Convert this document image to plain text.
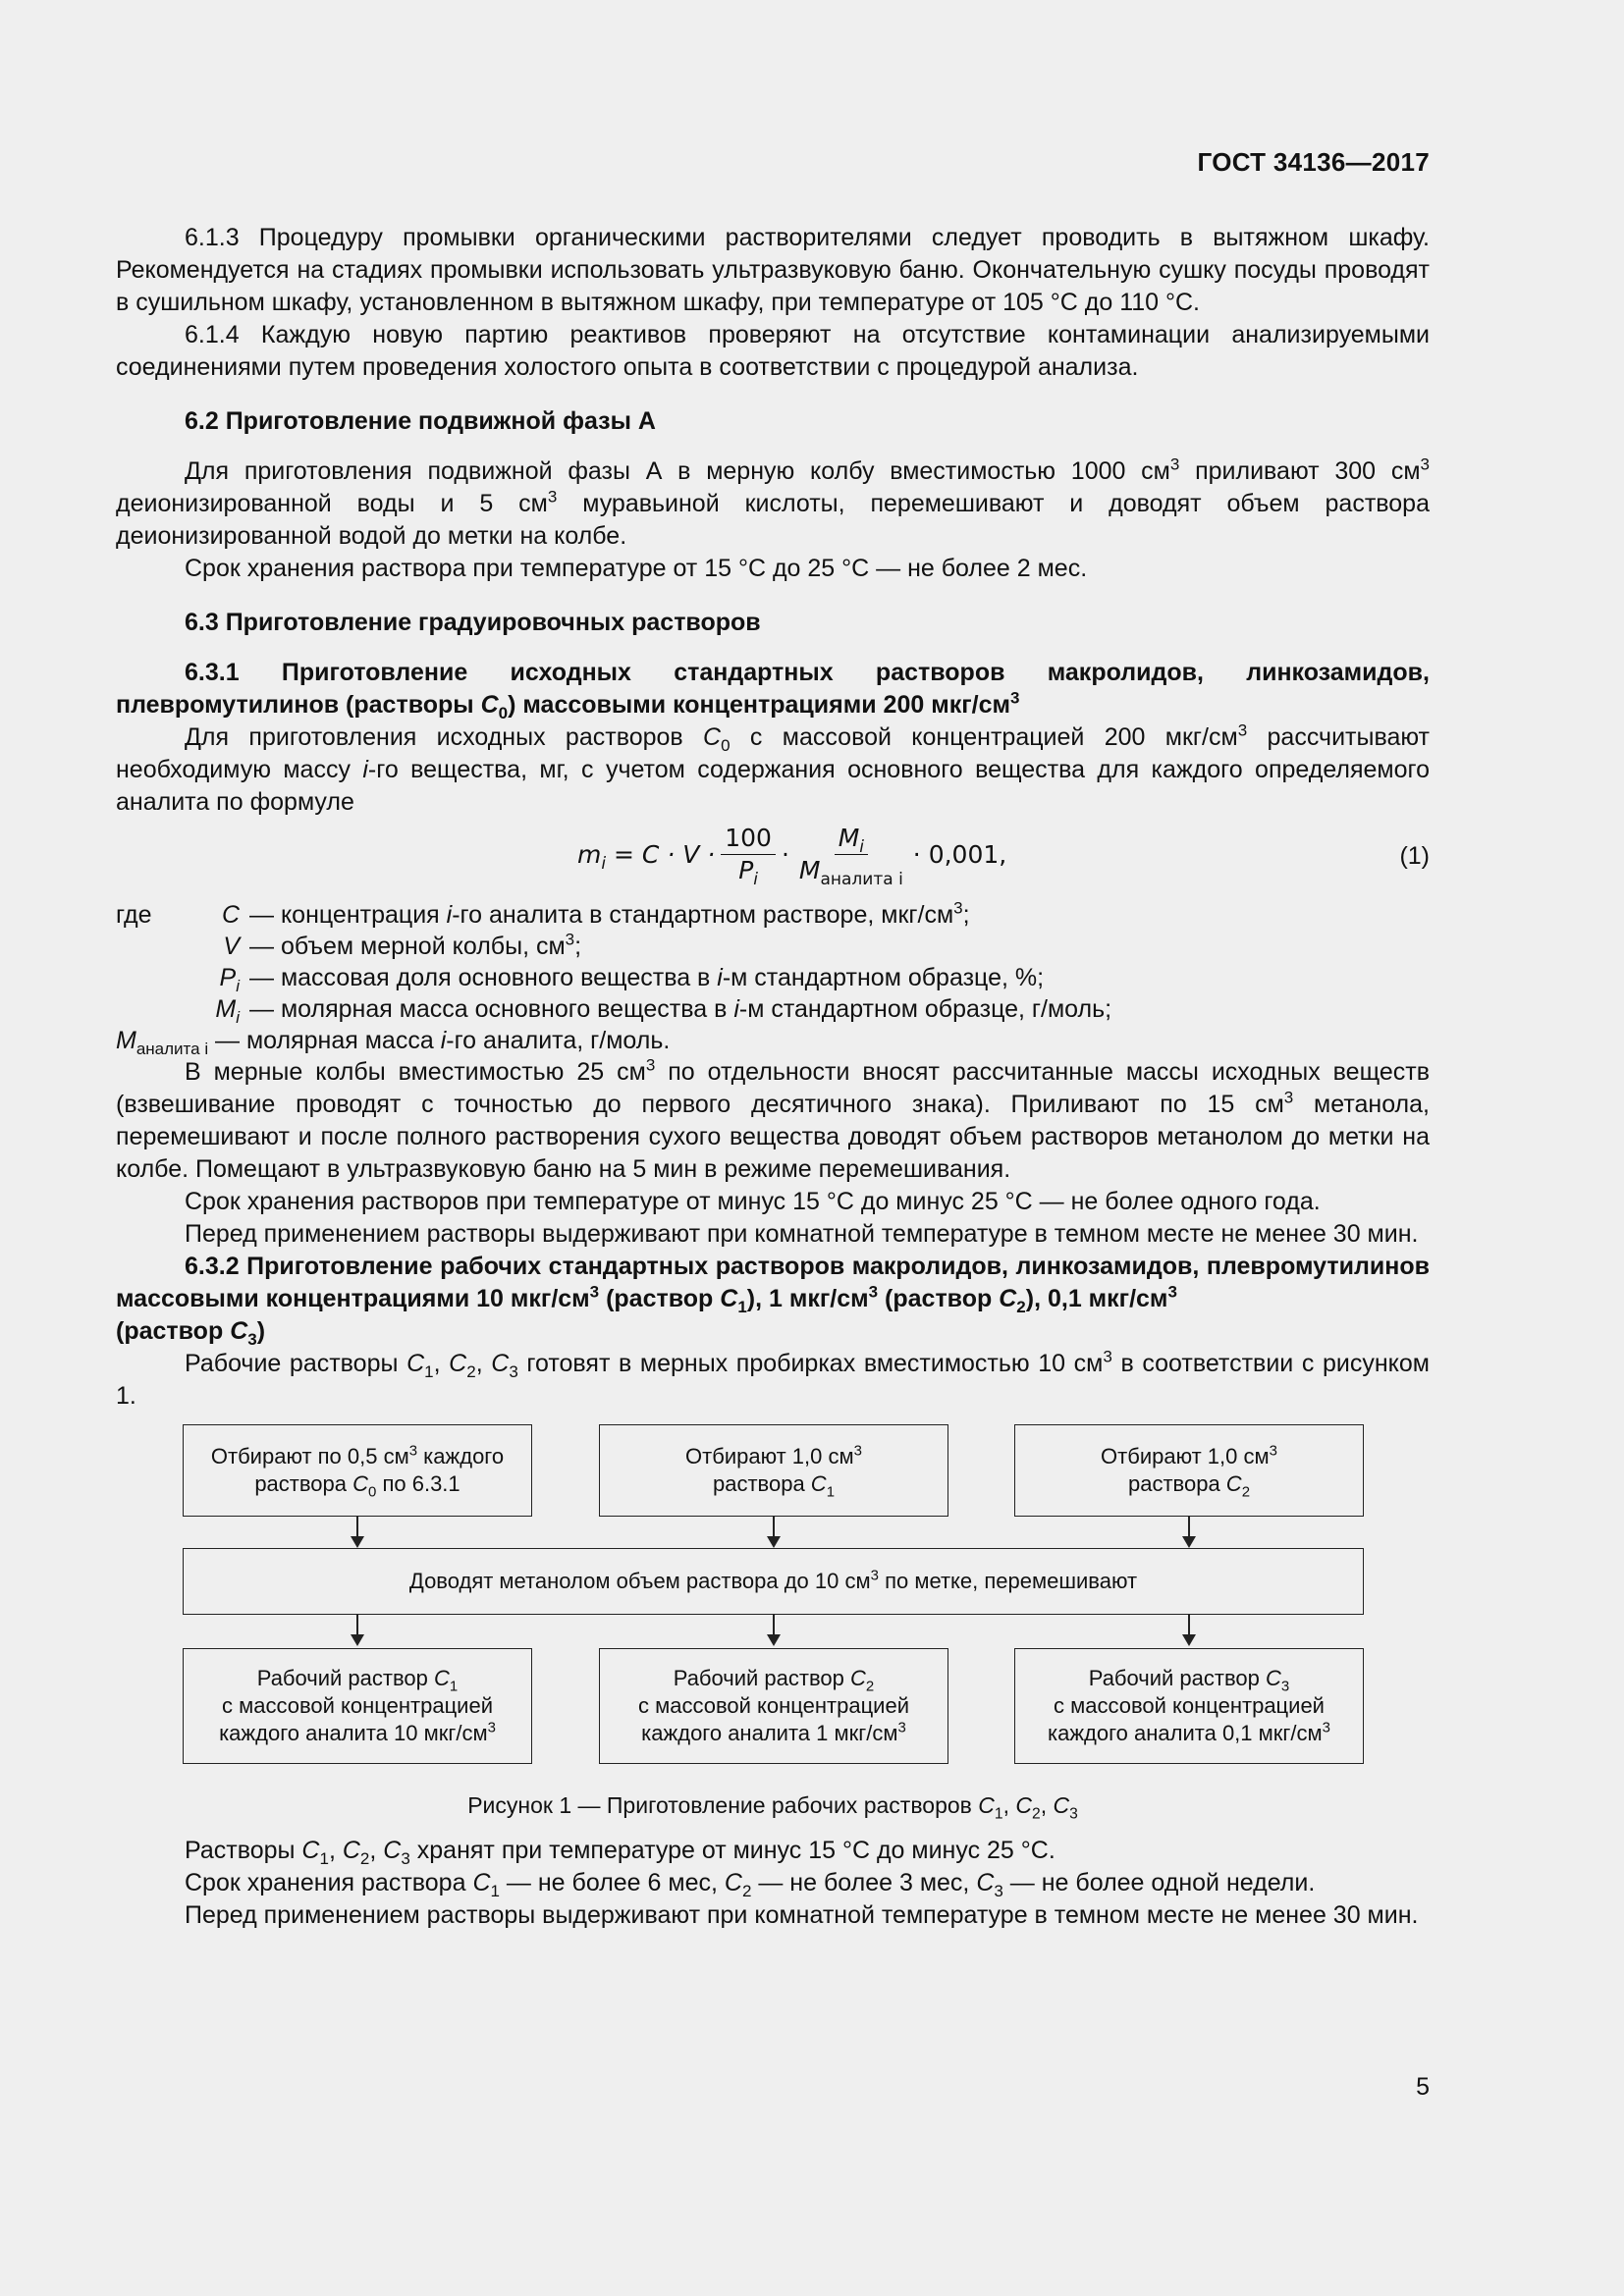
ГОСТ 34136—2017

6.1.3 Процедуру промывки органическими растворителями следует проводить в вытяжном шкафу. Рекомендуется на стадиях промывки использовать ультразвуковую баню. Окончательную сушку посуды проводят в сушильном шкафу, установленном в вытяжном шкафу, при температуре от 105 °С до 110 °С.

6.1.4 Каждую новую партию реактивов проверяют на отсутствие контаминации анализируемыми соединениями путем проведения холостого опыта в соответствии с процедурой анализа.

6.2 Приготовление подвижной фазы А

Для приготовления подвижной фазы А в мерную колбу вместимостью 1000 $см^3$ приливают 300 $см^3$ деионизированной воды и 5 $см^3$ муравьиной кислоты, перемешивают и доводят объем раствора деионизированной водой до метки на колбе.

Срок хранения раствора при температуре от 15 °С до 25 °С — не более 2 мес.

6.3 Приготовление градуировочных растворов

6.3.1 Приготовление исходных стандартных растворов макролидов, линкозамидов, плевромутилинов (растворы $C_0$) массовыми концентрациями 200 мкг/$см^3$

Для приготовления исходных растворов $C_0$ с массовой концентрацией 200 мкг/$см^3$ рассчитывают необходимую массу i-го вещества, мг, с учетом содержания основного вещества для каждого определяемого аналита по формуле

$m_i = C \cdot V \cdot \frac{100}{P_i} \cdot \frac{M_i}{M_{аналита i}} \cdot 0,001$,	(1)
где	C — концентрация i-го аналита в стандартном растворе, мкг/$см^3$;
V — объем мерной колбы, $см^3$;
$P_i$ — массовая доля основного вещества в i-м стандартном образце, %;
$M_i$ — молярная масса основного вещества в i-м стандартном образце, г/моль;
$M_{аналита i}$ — молярная масса i-го аналита, г/моль.

В мерные колбы вместимостью 25 $см^3$ по отдельности вносят рассчитанные массы исходных веществ (взвешивание проводят с точностью до первого десятичного знака). Приливают по 15 $см^3$ метанола, перемешивают и после полного растворения сухого вещества доводят объем растворов метанолом до метки на колбе. Помещают в ультразвуковую баню на 5 мин в режиме перемешивания.

Срок хранения растворов при температуре от минус 15 °С до минус 25 °С — не более одного года.

Перед применением растворы выдерживают при комнатной температуре в темном месте не менее 30 мин.

6.3.2 Приготовление рабочих стандартных растворов макролидов, линкозамидов, плевромутилинов массовыми концентрациями 10 мкг/$см^3$ (раствор $C_1$), 1 мкг/$см^3$ (раствор $C_2$), 0,1 мкг/$см^3$
(раствор $C_3$)

Рабочие растворы $C_1$, $C_2$, $C_3$ готовят в мерных пробирках вместимостью 10 $см^3$ в соответствии с рисунком 1.

Отбирают по 0,5 $см^3$ каждого
раствора $C_0$ по 6.3.1
Отбирают 1,0 $см^3$
раствора $C_1$
Отбирают 1,0 $см^3$
раствора $C_2$
Доводят метанолом объем раствора до 10 $см^3$ по метке, перемешивают
Рабочий раствор $C_1$
с массовой концентрацией
каждого аналита 10 мкг/$см^3$
Рабочий раствор $C_2$
с массовой концентрацией
каждого аналита 1 мкг/$см^3$
Рабочий раствор $C_3$
с массовой концентрацией
каждого аналита 0,1 мкг/$см^3$
Рисунок 1 — Приготовление рабочих растворов $C_1$, $C_2$, $C_3$

Растворы $C_1$, $C_2$, $C_3$ хранят при температуре от минус 15 °С до минус 25 °С.

Срок хранения раствора $C_1$ — не более 6 мес, $C_2$ — не более 3 мес, $C_3$ — не более одной недели.

Перед применением растворы выдерживают при комнатной температуре в темном месте не менее 30 мин.

5
